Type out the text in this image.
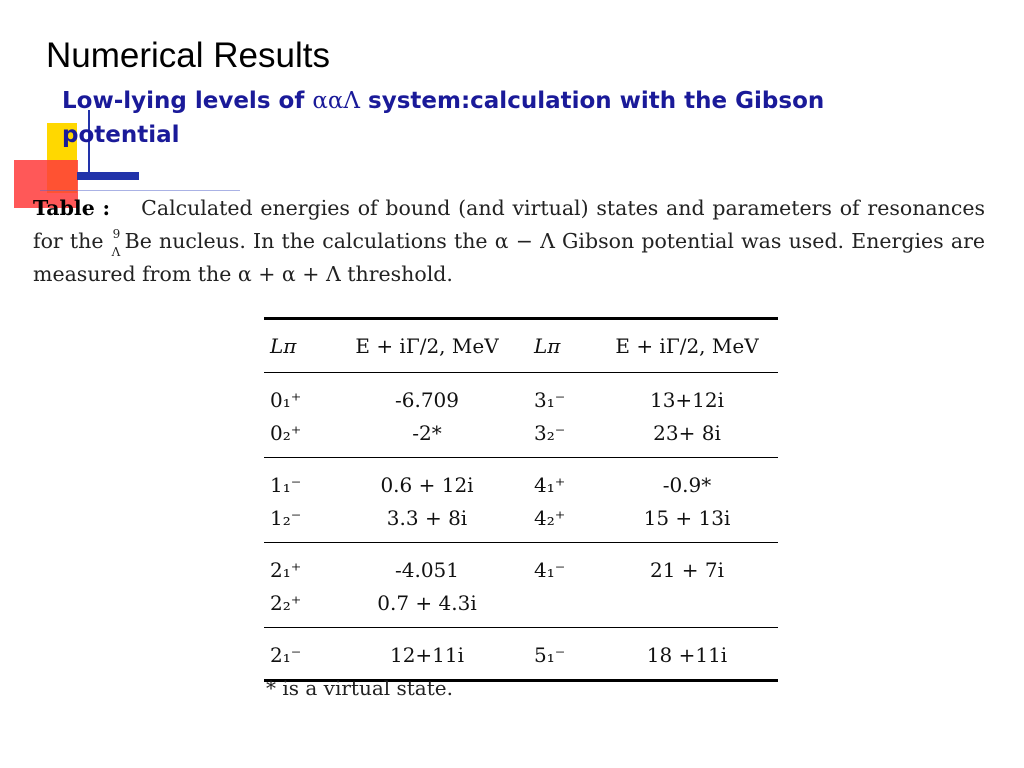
Numerical Results
Low-lying levels of ααΛ system:calculation with the Gibson potential
Table : Calculated energies of bound (and virtual) states and parameters of resonances for the 9
Λ Be nucleus. In the calculations the α − Λ Gibson potential was used. Energies are measured from the α + α + Λ threshold.
Lπ	E + iΓ/2, MeV	Lπ	E + iΓ/2, MeV
0₁⁺	-6.709	3₁⁻	13+12i
0₂⁺	-2*	3₂⁻	23+ 8i
1₁⁻	0.6 + 12i	4₁⁺	-0.9*
1₂⁻	3.3 + 8i	4₂⁺	15 + 13i
2₁⁺	-4.051	4₁⁻	21 + 7i
2₂⁺	0.7 + 4.3i		
2₁⁻	12+11i	5₁⁻	18 +11i
* is a virtual state.
